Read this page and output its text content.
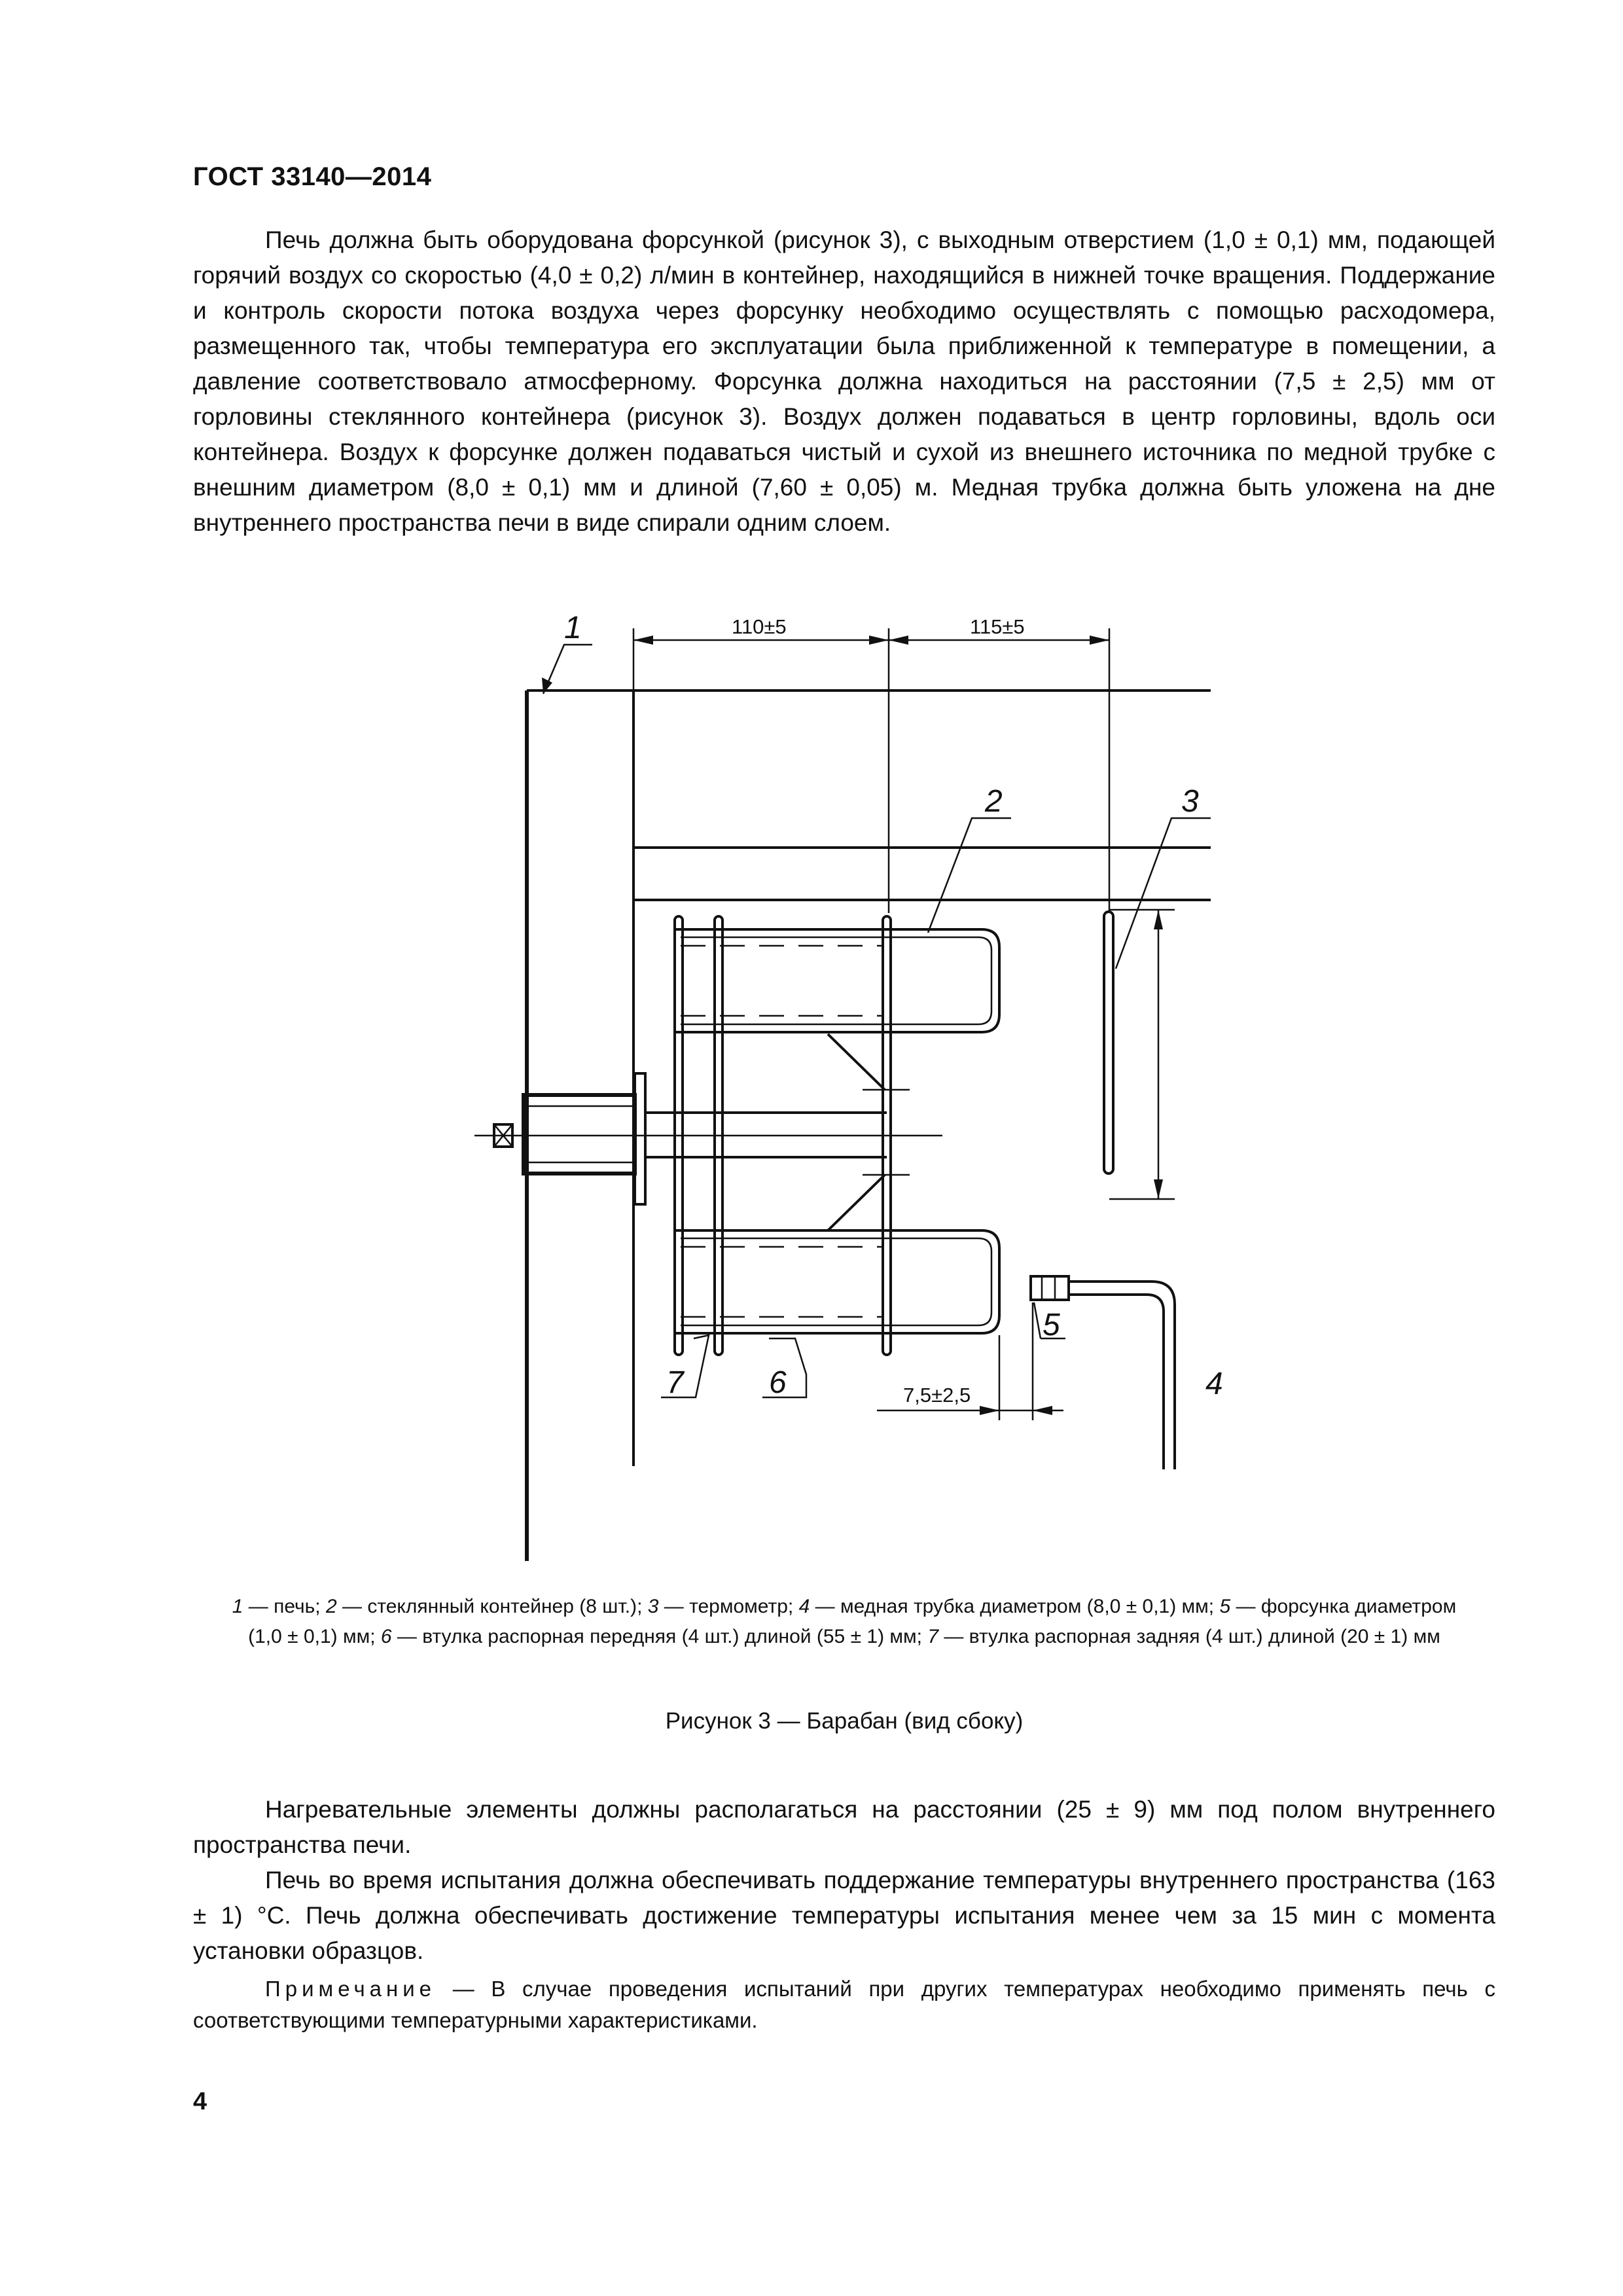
ГОСТ 33140—2014

Печь должна быть оборудована форсункой (рисунок 3), с выходным отверстием (1,0 ± 0,1) мм, подающей горячий воздух со скоростью (4,0 ± 0,2) л/мин в контейнер, находящийся в нижней точке вращения. Поддержание и контроль скорости потока воздуха через форсунку необходимо осуществлять с помощью расходомера, размещенного так, чтобы температура его эксплуатации была приближенной к температуре в помещении, а давление соответствовало атмосферному. Форсунка должна находиться на расстоянии (7,5 ± 2,5) мм от горловины стеклянного контейнера (рисунок 3). Воздух должен подаваться в центр горловины, вдоль оси контейнера. Воздух к форсунке должен подаваться чистый и сухой из внешнего источника по медной трубке с внешним диаметром (8,0 ± 0,1) мм и длиной (7,60 ± 0,05) м. Медная трубка должна быть уложена на дне внутреннего пространства печи в виде спирали одним слоем.

1	110±5	115±5
2	3
4
5
7,5±2,5
6
7

1 — печь; 2 — стеклянный контейнер (8 шт.); 3 — термометр; 4 — медная трубка диаметром (8,0 ± 0,1) мм; 5 — форсунка диаметром (1,0 ± 0,1) мм; 6 — втулка распорная передняя (4 шт.) длиной (55 ± 1) мм; 7 — втулка распорная задняя (4 шт.) длиной (20 ± 1) мм

Рисунок 3 — Барабан (вид сбоку)

Нагревательные элементы должны располагаться на расстоянии (25 ± 9) мм под полом внутреннего пространства печи.

Печь во время испытания должна обеспечивать поддержание температуры внутреннего пространства (163 ± 1) °С. Печь должна обеспечивать достижение температуры испытания менее чем за 15 мин с момента установки образцов.

Примечание — В случае проведения испытаний при других температурах необходимо применять печь с соответствующими температурными характеристиками.

4
